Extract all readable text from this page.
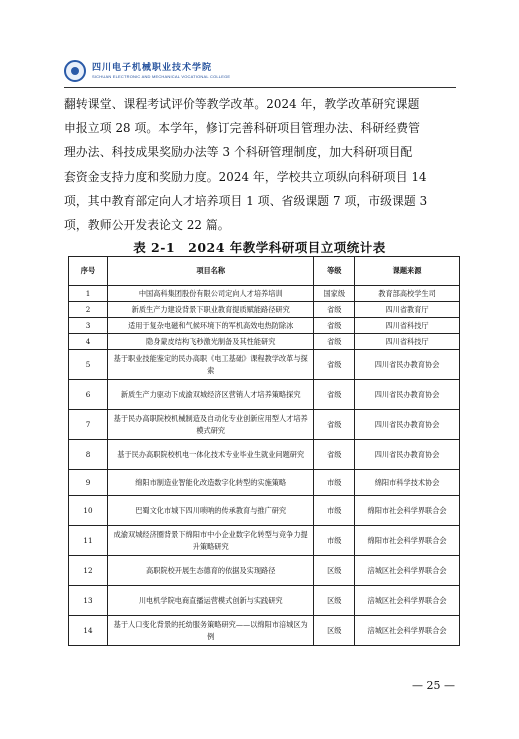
四川电子机械职业技术学院
SICHUAN ELECTRONIC AND MECHANICAL VOCATIONAL COLLEGE
翻转课堂、课程考试评价等教学改革。2024 年，教学改革研究课题
申报立项 28 项。本学年，修订完善科研项目管理办法、科研经费管
理办法、科技成果奖励办法等 3 个科研管理制度，加大科研项目配
套资金支持力度和奖励力度。2024 年，学校共立项纵向科研项目 14
项，其中教育部定向人才培养项目 1 项、省级课题 7 项，市级课题 3
项，教师公开发表论文 22 篇。
表 2-1　2024 年教学科研项目立项统计表
序号	项目名称	等级	课题来源
1	中国高科集团股份有限公司定向人才培养培训	国家级	教育部高校学生司
2	新质生产力建设背景下职业教育提质赋能路径研究	省级	四川省教育厅
3	适用于复杂电磁和气候环境下的军机高效电热防除冰	省级	四川省科技厅
4	隐身蒙皮结构飞秒激光制备及其性能研究	省级	四川省科技厅
5	基于职业技能鉴定的民办高职《电工基础》课程教学改革与探索	省级	四川省民办教育协会
6	新质生产力驱动下成渝双城经济区营销人才培养策略探究	省级	四川省民办教育协会
7	基于民办高职院校机械制造及自动化专业创新应用型人才培养模式研究	省级	四川省民办教育协会
8	基于民办高职院校机电一体化技术专业毕业生就业问题研究	省级	四川省民办教育协会
9	绵阳市制造业智能化改造数字化转型的实施策略	市级	绵阳市科学技术协会
10	巴蜀文化市城下四川唢呐的传承教育与推广研究	市级	绵阳市社会科学界联合会
11	成渝双城经济圈背景下绵阳市中小企业数字化转型与竞争力提升策略研究	市级	绵阳市社会科学界联合会
12	高职院校开展生态德育的依据及实现路径	区级	涪城区社会科学界联合会
13	川电机学院电商直播运营模式创新与实践研究	区级	涪城区社会科学界联合会
14	基于人口变化背景的托幼服务策略研究——以绵阳市涪城区为例	区级	涪城区社会科学界联合会
— 25 —
